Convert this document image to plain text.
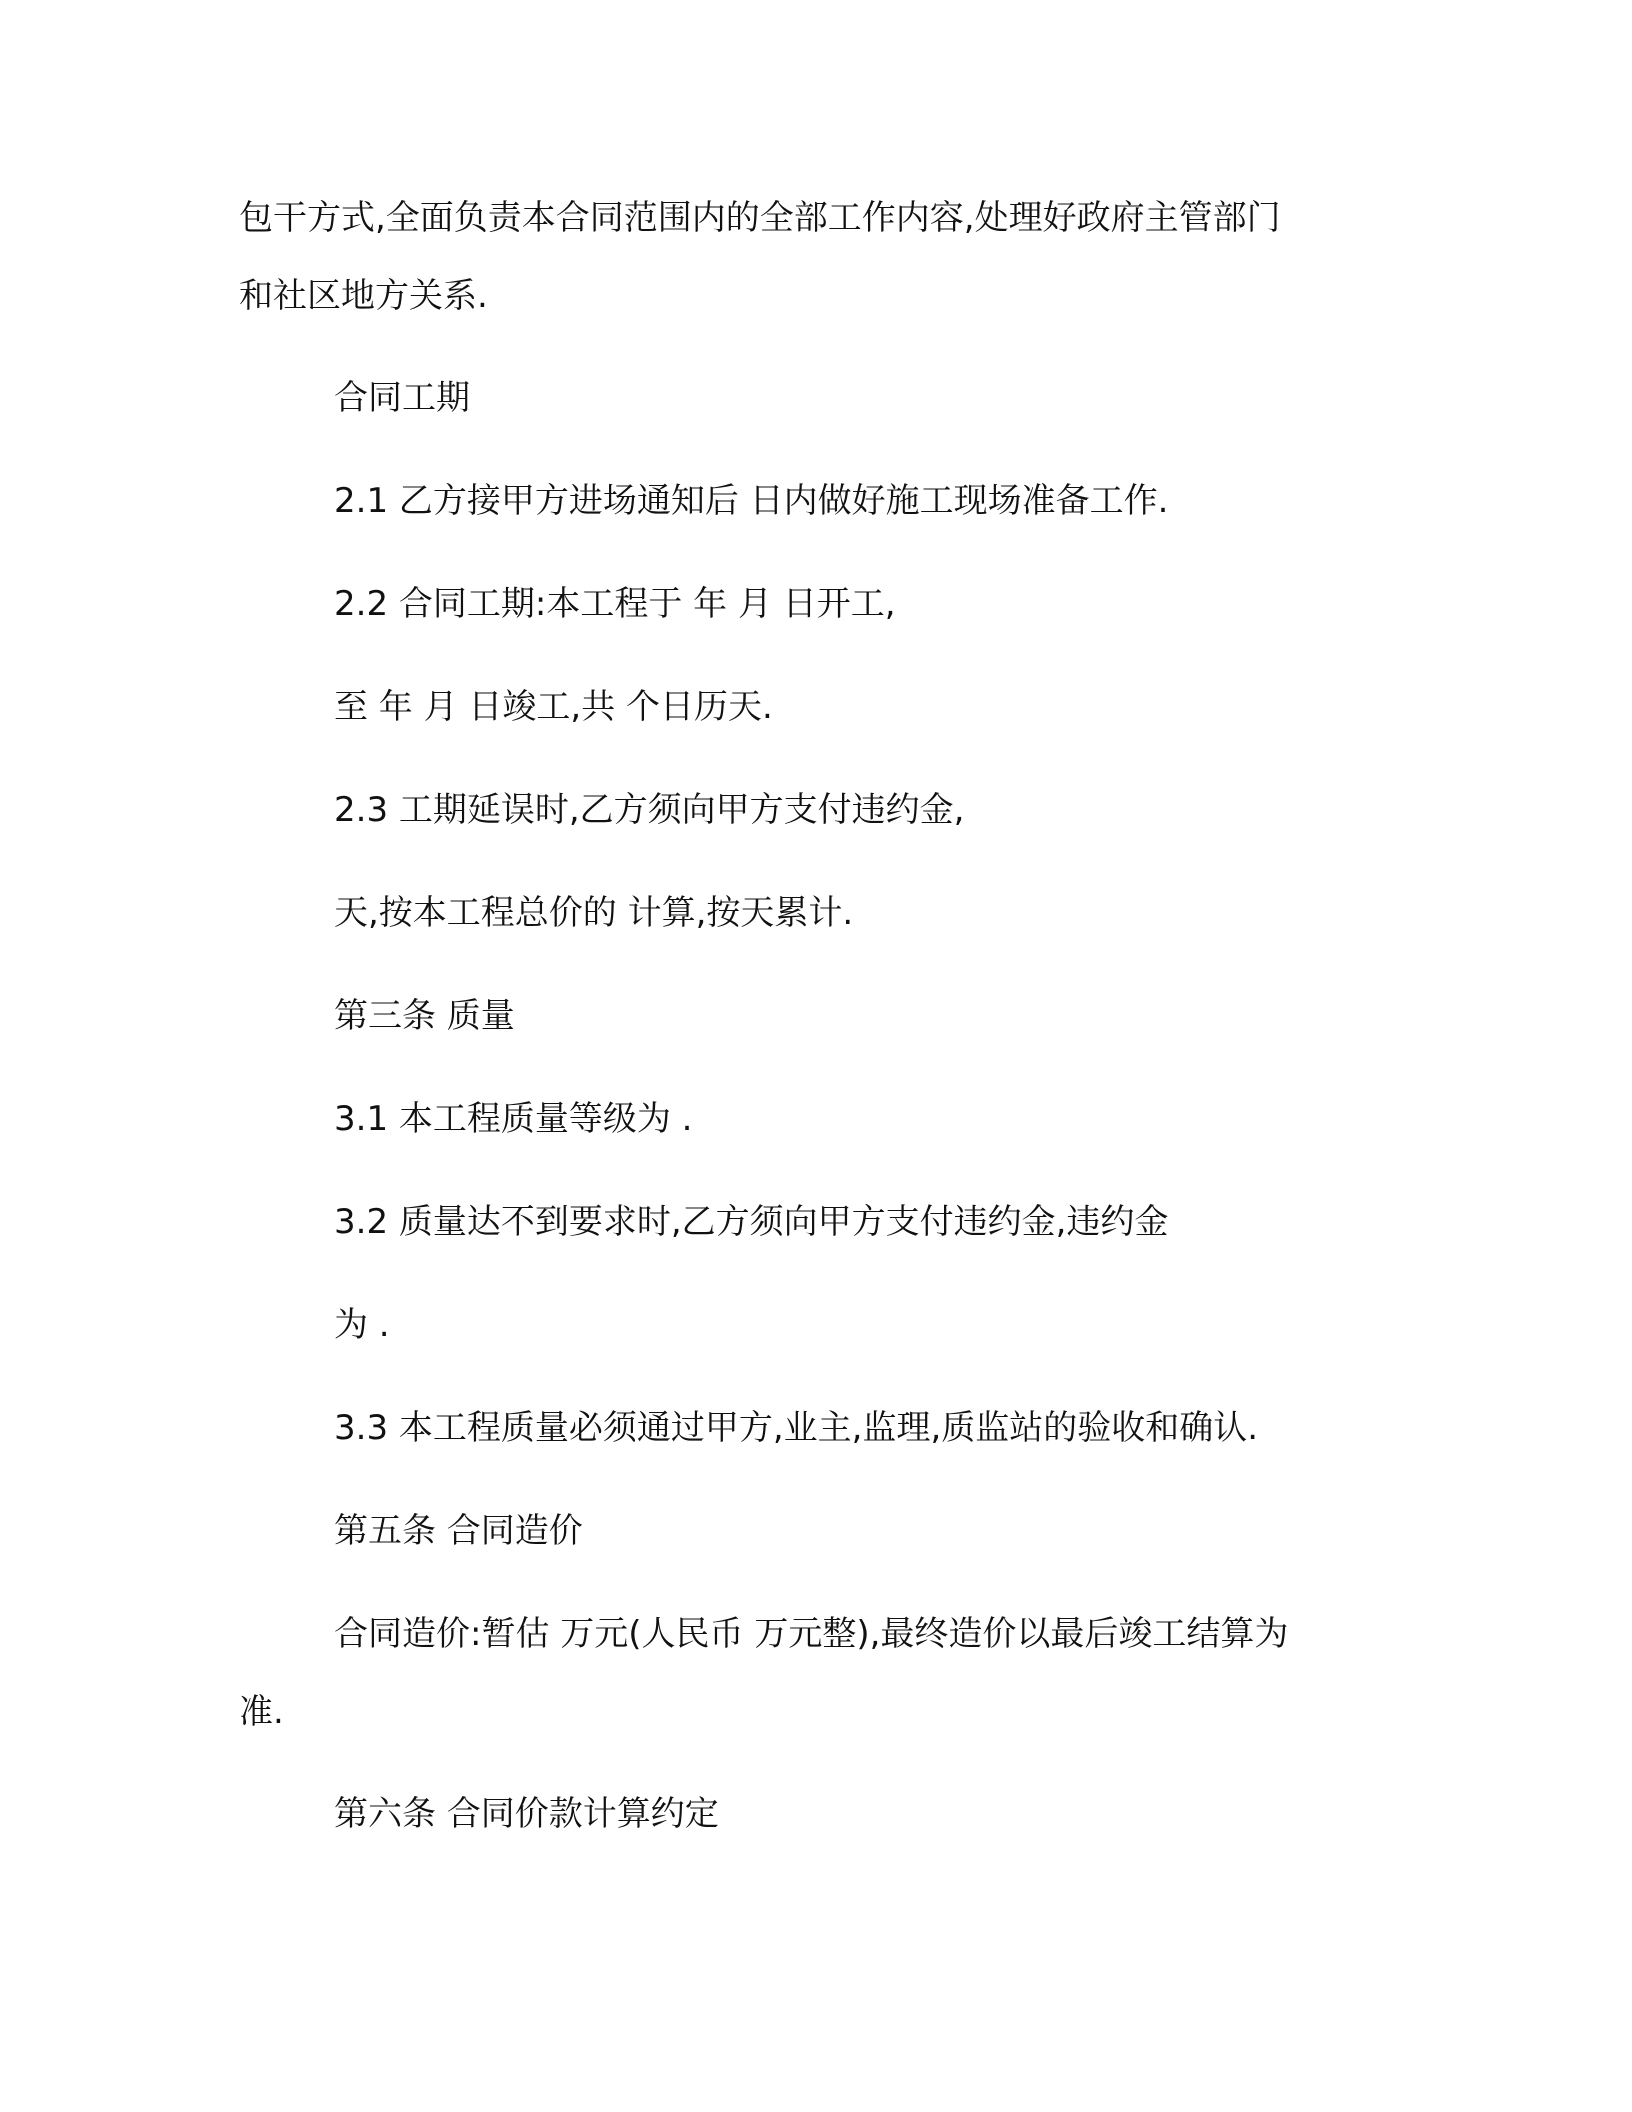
包干方式,全面负责本合同范围内的全部工作内容,处理好政府主管部门
和社区地方关系.
合同工期
2.1 乙方接甲方进场通知后 日内做好施工现场准备工作.
2.2 合同工期:本工程于 年 月 日开工,
至 年 月 日竣工,共 个日历天.
2.3 工期延误时,乙方须向甲方支付违约金,
天,按本工程总价的 计算,按天累计.
第三条 质量
3.1 本工程质量等级为 .
3.2 质量达不到要求时,乙方须向甲方支付违约金,违约金
为 .
3.3 本工程质量必须通过甲方,业主,监理,质监站的验收和确认.
第五条 合同造价
合同造价:暂估 万元(人民币 万元整),最终造价以最后竣工结算为
准.
第六条 合同价款计算约定
